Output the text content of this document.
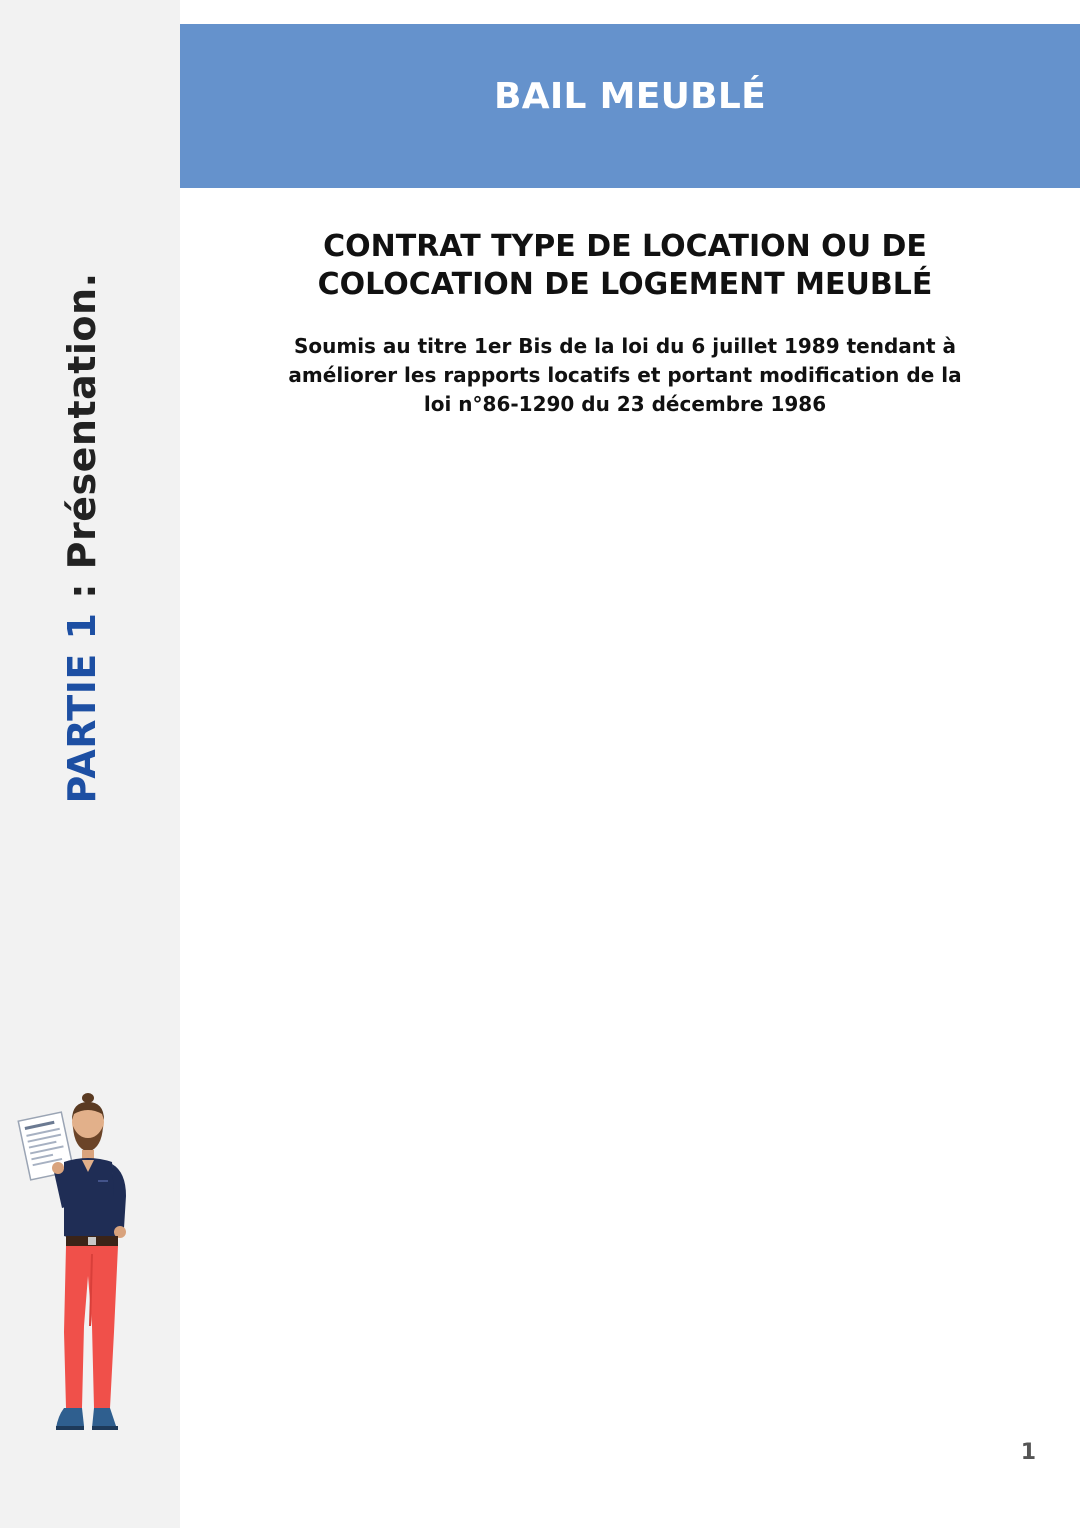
PARTIE 1 : Présentation.
BAIL MEUBLÉ
CONTRAT TYPE DE LOCATION OU DE
COLOCATION DE LOGEMENT MEUBLÉ
Soumis au titre 1er Bis de la loi du 6 juillet 1989 tendant à
améliorer les rapports locatifs et portant modification de la
loi n°86-1290 du 23 décembre 1986
1
